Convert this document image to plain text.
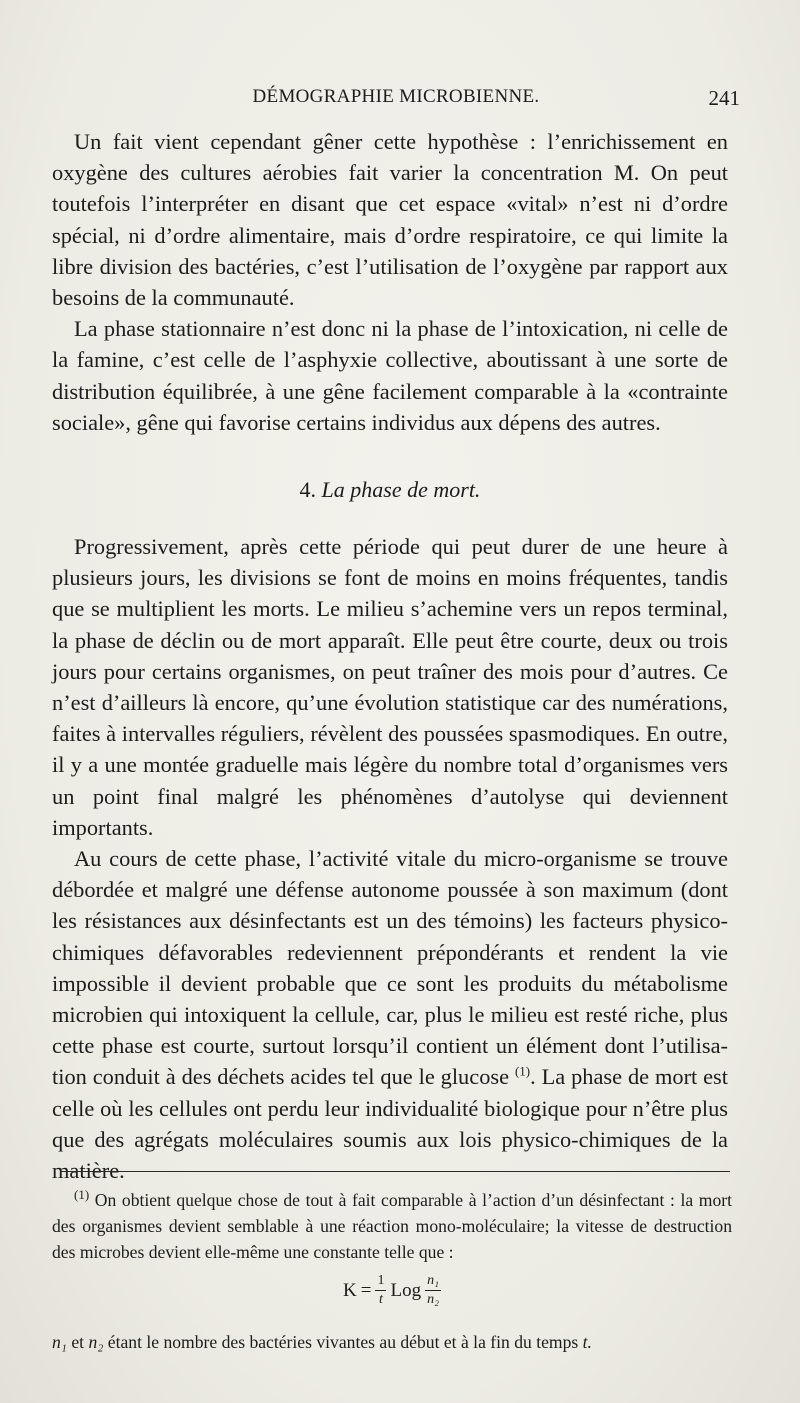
DÉMOGRAPHIE MICROBIENNE.	241

Un fait vient cependant gêner cette hypothèse : l’enrichissement en oxygène des cultures aérobies fait varier la concentration M. On peut toutefois l’interpréter en disant que cet espace «vital» n’est ni d’ordre spécial, ni d’ordre alimentaire, mais d’ordre respiratoire, ce qui limite la libre division des bactéries, c’est l’utilisation de l’oxygène par rapport aux besoins de la communauté.

La phase stationnaire n’est donc ni la phase de l’intoxication, ni celle de la famine, c’est celle de l’asphyxie collective, aboutissant à une sorte de distribution équilibrée, à une gêne facilement comparable à la «contrainte sociale», gêne qui favorise certains individus aux dépens des autres.

4. La phase de mort.

Progressivement, après cette période qui peut durer de une heure à plusieurs jours, les divisions se font de moins en moins fréquentes, tandis que se multiplient les morts. Le milieu s’achemine vers un repos terminal, la phase de déclin ou de mort apparaît. Elle peut être courte, deux ou trois jours pour certains organismes, on peut traîner des mois pour d’autres. Ce n’est d’ailleurs là encore, qu’une évolution statistique car des numérations, faites à intervalles réguliers, révèlent des poussées spasmodiques. En outre, il y a une montée graduelle mais légère du nombre total d’organismes vers un point final malgré les phénomènes d’autolyse qui deviennent importants.

Au cours de cette phase, l’activité vitale du micro-organisme se trouve débordée et malgré une défense autonome poussée à son maximum (dont les résistances aux désinfectants est un des témoins) les facteurs physico-chimiques défavorables redeviennent prépondérants et rendent la vie impossible il devient probable que ce sont les produits du métabolisme microbien qui intoxiquent la cellule, car, plus le milieu est resté riche, plus cette phase est courte, surtout lorsqu’il contient un élément dont l’utilisation conduit à des déchets acides tel que le glucose $^{(1)}$. La phase de mort est celle où les cellules ont perdu leur individualité biologique pour n’être plus que des agrégats moléculaires soumis aux lois physico-chimiques de la matière.

$^{(1)}$ On obtient quelque chose de tout à fait comparable à l’action d’un désinfectant : la mort des organismes devient semblable à une réaction mono-moléculaire; la vitesse de destruction des microbes devient elle-même une constante telle que :

$K = \frac{1}{t}$ Log $\frac{\text{n₁}}{\text{n₂}}$

n₁ et n₂ étant le nombre des bactéries vivantes au début et à la fin du temps t.
